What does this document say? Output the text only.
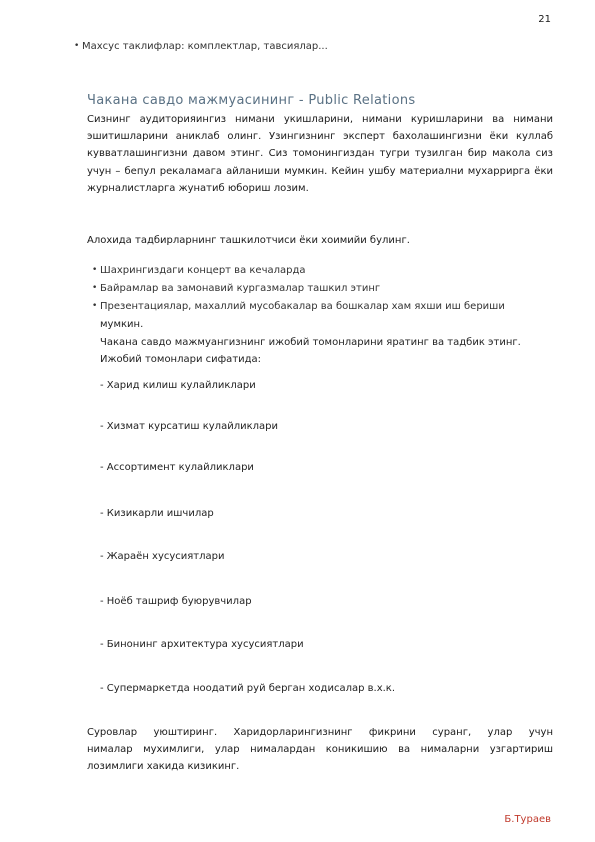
21
• Махсус таклифлар: комплектлар, тавсиялар...
Чакана савдо мажмуасининг - Public Relations
Сизнинг аудиторияингиз нимани укишларини, нимани куришларини ва нимани
эшитишларини аниклаб олинг. Узингизнинг эксперт бахолашингизни ёки куллаб
кувватлашингизни давом этинг. Сиз томонингиздан тугри тузилган бир макола сиз
учун – бепул рекаламага айланиши мумкин. Кейин ушбу материални мухаррирга ёки
журналистларга жунатиб юбориш лозим.
Алохида тадбирларнинг ташкилотчиси ёки хоимийи булинг.
• Шахрингиздаги концерт ва кечаларда
• Байрамлар ва замонавий кургазмалар ташкил этинг
• Презентациялар, махаллий мусобакалар ва бошкалар хам яхши иш бериши
мумкин.
Чакана савдо мажмуангизнинг ижобий томонларини яратинг ва тадбик этинг.
Ижобий томонлари сифатида:
- Харид килиш кулайликлари
- Хизмат курсатиш кулайликлари
- Ассортимент кулайликлари
- Кизикарли ишчилар
- Жараён хусусиятлари
- Ноёб ташриф буюрувчилар
- Бинонинг архитектура хусусиятлари
- Супермаркетда ноодатий руй берган ходисалар в.х.к.
Суровлар уюштиринг. Харидорларингизнинг фикрини суранг, улар учун
нималар мухимлиги, улар нималардан коникишию ва нималарни узгартириш
лозимлиги хакида кизикинг.
Б.Тураев
